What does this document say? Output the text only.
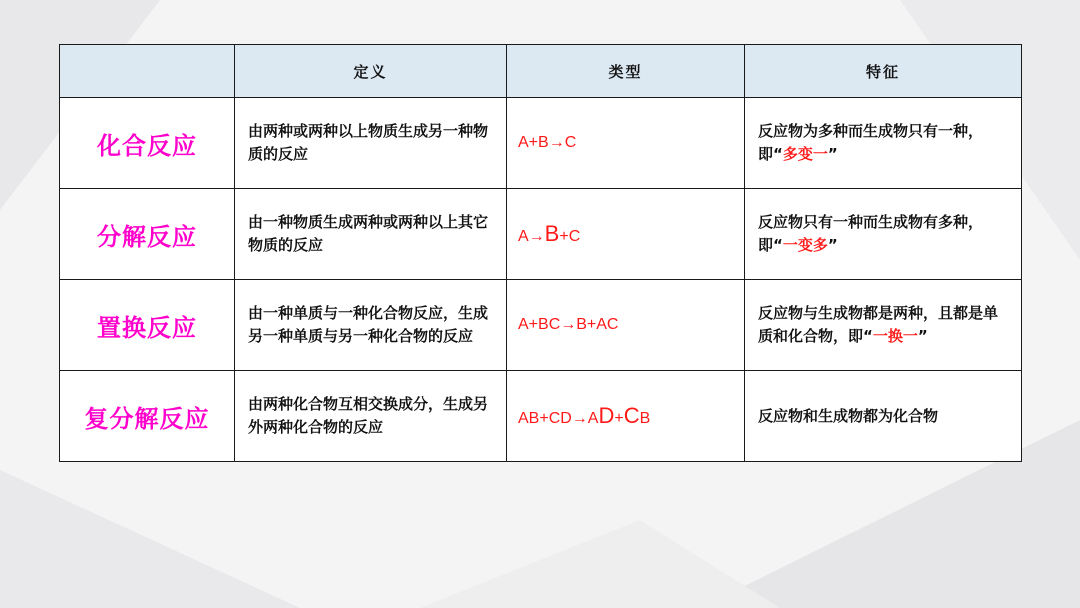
	定义	类型	特征
化合反应	由两种或两种以上物质生成另一种物质的反应	A+B→C	反应物为多种而生成物只有一种，即“多变一”
分解反应	由一种物质生成两种或两种以上其它物质的反应	A→B+C	反应物只有一种而生成物有多种，即“一变多”
置换反应	由一种单质与一种化合物反应，生成另一种单质与另一种化合物的反应	A+BC→B+AC	反应物与生成物都是两种，且都是单质和化合物，即“一换一”
复分解反应	由两种化合物互相交换成分，生成另外两种化合物的反应	AB+CD→AD+CB	反应物和生成物都为化合物
